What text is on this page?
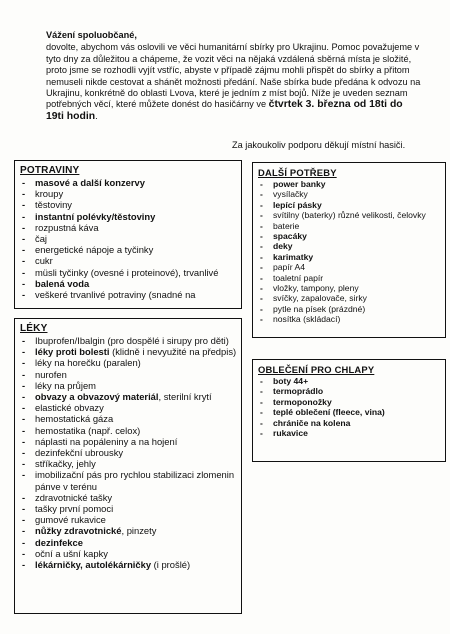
Vážení spoluobčané,

dovolte, abychom vás oslovili ve věci humanitární sbírky pro Ukrajinu. Pomoc považujeme v tyto dny za důležitou a chápeme, že vozit věci na nějaká vzdálená sběrná místa je složité, proto jsme se rozhodli vyjít vstříc, abyste v případě zájmu mohli přispět do sbírky a přitom nemuseli nikde cestovat a shánět možnosti předání. Naše sbírka bude předána k odvozu na Ukrajinu, konkrétně do oblasti Lvova, které je jedním z míst bojů. Níže je uveden seznam potřebných věcí, které můžete donést do hasičárny ve čtvrtek 3. března od 18ti do 19ti hodin.

Za jakoukoliv podporu děkují místní hasiči.

POTRAVINY

- masové a další konzervy
- kroupy
- těstoviny
- instantní polévky/těstoviny
- rozpustná káva
- čaj
- energetické nápoje a tyčinky
- cukr
- müsli tyčinky (ovesné i proteinové), trvanlivé
- balená voda
- veškeré trvanlivé potraviny (snadné na

LÉKY

- Ibuprofen/Ibalgin (pro dospělé i sirupy pro děti)
- léky proti bolesti (klidně i nevyužité na předpis)
- léky na horečku (paralen)
- nurofen
- léky na průjem
- obvazy a obvazový materiál, sterilní krytí
- elastické obvazy
- hemostatická gáza
- hemostatika (např. celox)
- náplasti na popáleniny a na hojení
- dezinfekční ubrousky
- stříkačky, jehly
- imobilizační pás pro rychlou stabilizaci zlomenin pánve v terénu
- zdravotnické tašky
- tašky první pomoci
- gumové rukavice
- nůžky zdravotnické, pinzety
- dezinfekce
- oční a ušní kapky
- lékárničky, autolékárničky (i prošlé)

DALŠÍ POTŘEBY

- power banky
- vysílačky
- lepící pásky
- svítilny (baterky) různé velikosti, čelovky
- baterie
- spacáky
- deky
- karimatky
- papír A4
- toaletní papír
- vložky, tampony, pleny
- svíčky, zapalovače, sirky
- pytle na písek (prázdné)
- nosítka (skládací)

OBLEČENÍ PRO CHLAPY

- boty 44+
- termoprádlo
- termoponožky
- teplé oblečení (fleece, vina)
- chrániče na kolena
- rukavice
